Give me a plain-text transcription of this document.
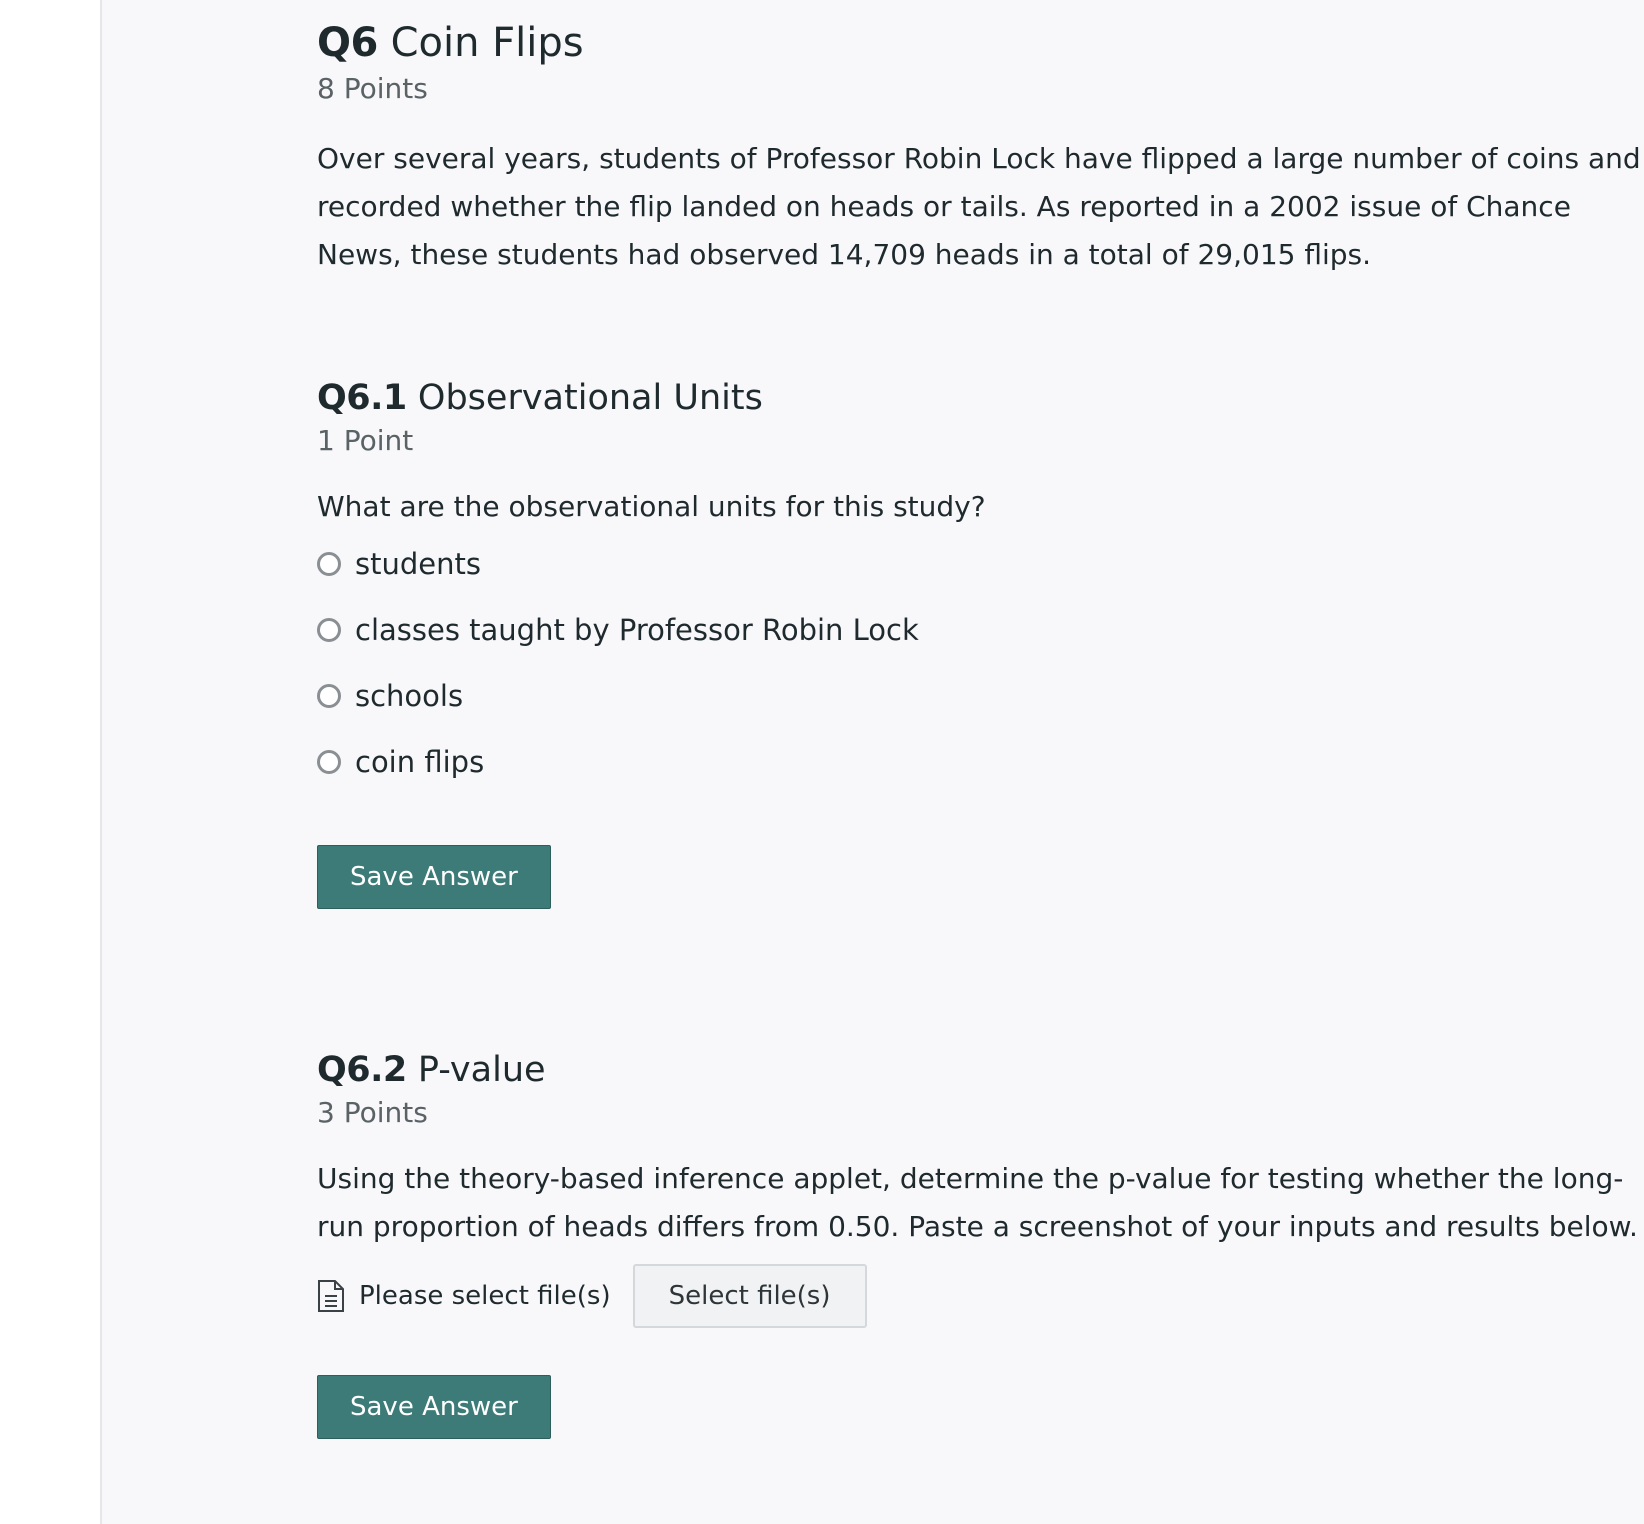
Q6 Coin Flips
8 Points

Over several years, students of Professor Robin Lock have flipped a large number of coins and recorded whether the flip landed on heads or tails. As reported in a 2002 issue of Chance News, these students had observed 14,709 heads in a total of 29,015 flips.

Q6.1 Observational Units
1 Point

What are the observational units for this study?

students
classes taught by Professor Robin Lock
schools
coin flips
Save Answer
Q6.2 P-value
3 Points

Using the theory-based inference applet, determine the p-value for testing whether the long-run proportion of heads differs from 0.50. Paste a screenshot of your inputs and results below.

Please select file(s)	Select file(s)
Save Answer
